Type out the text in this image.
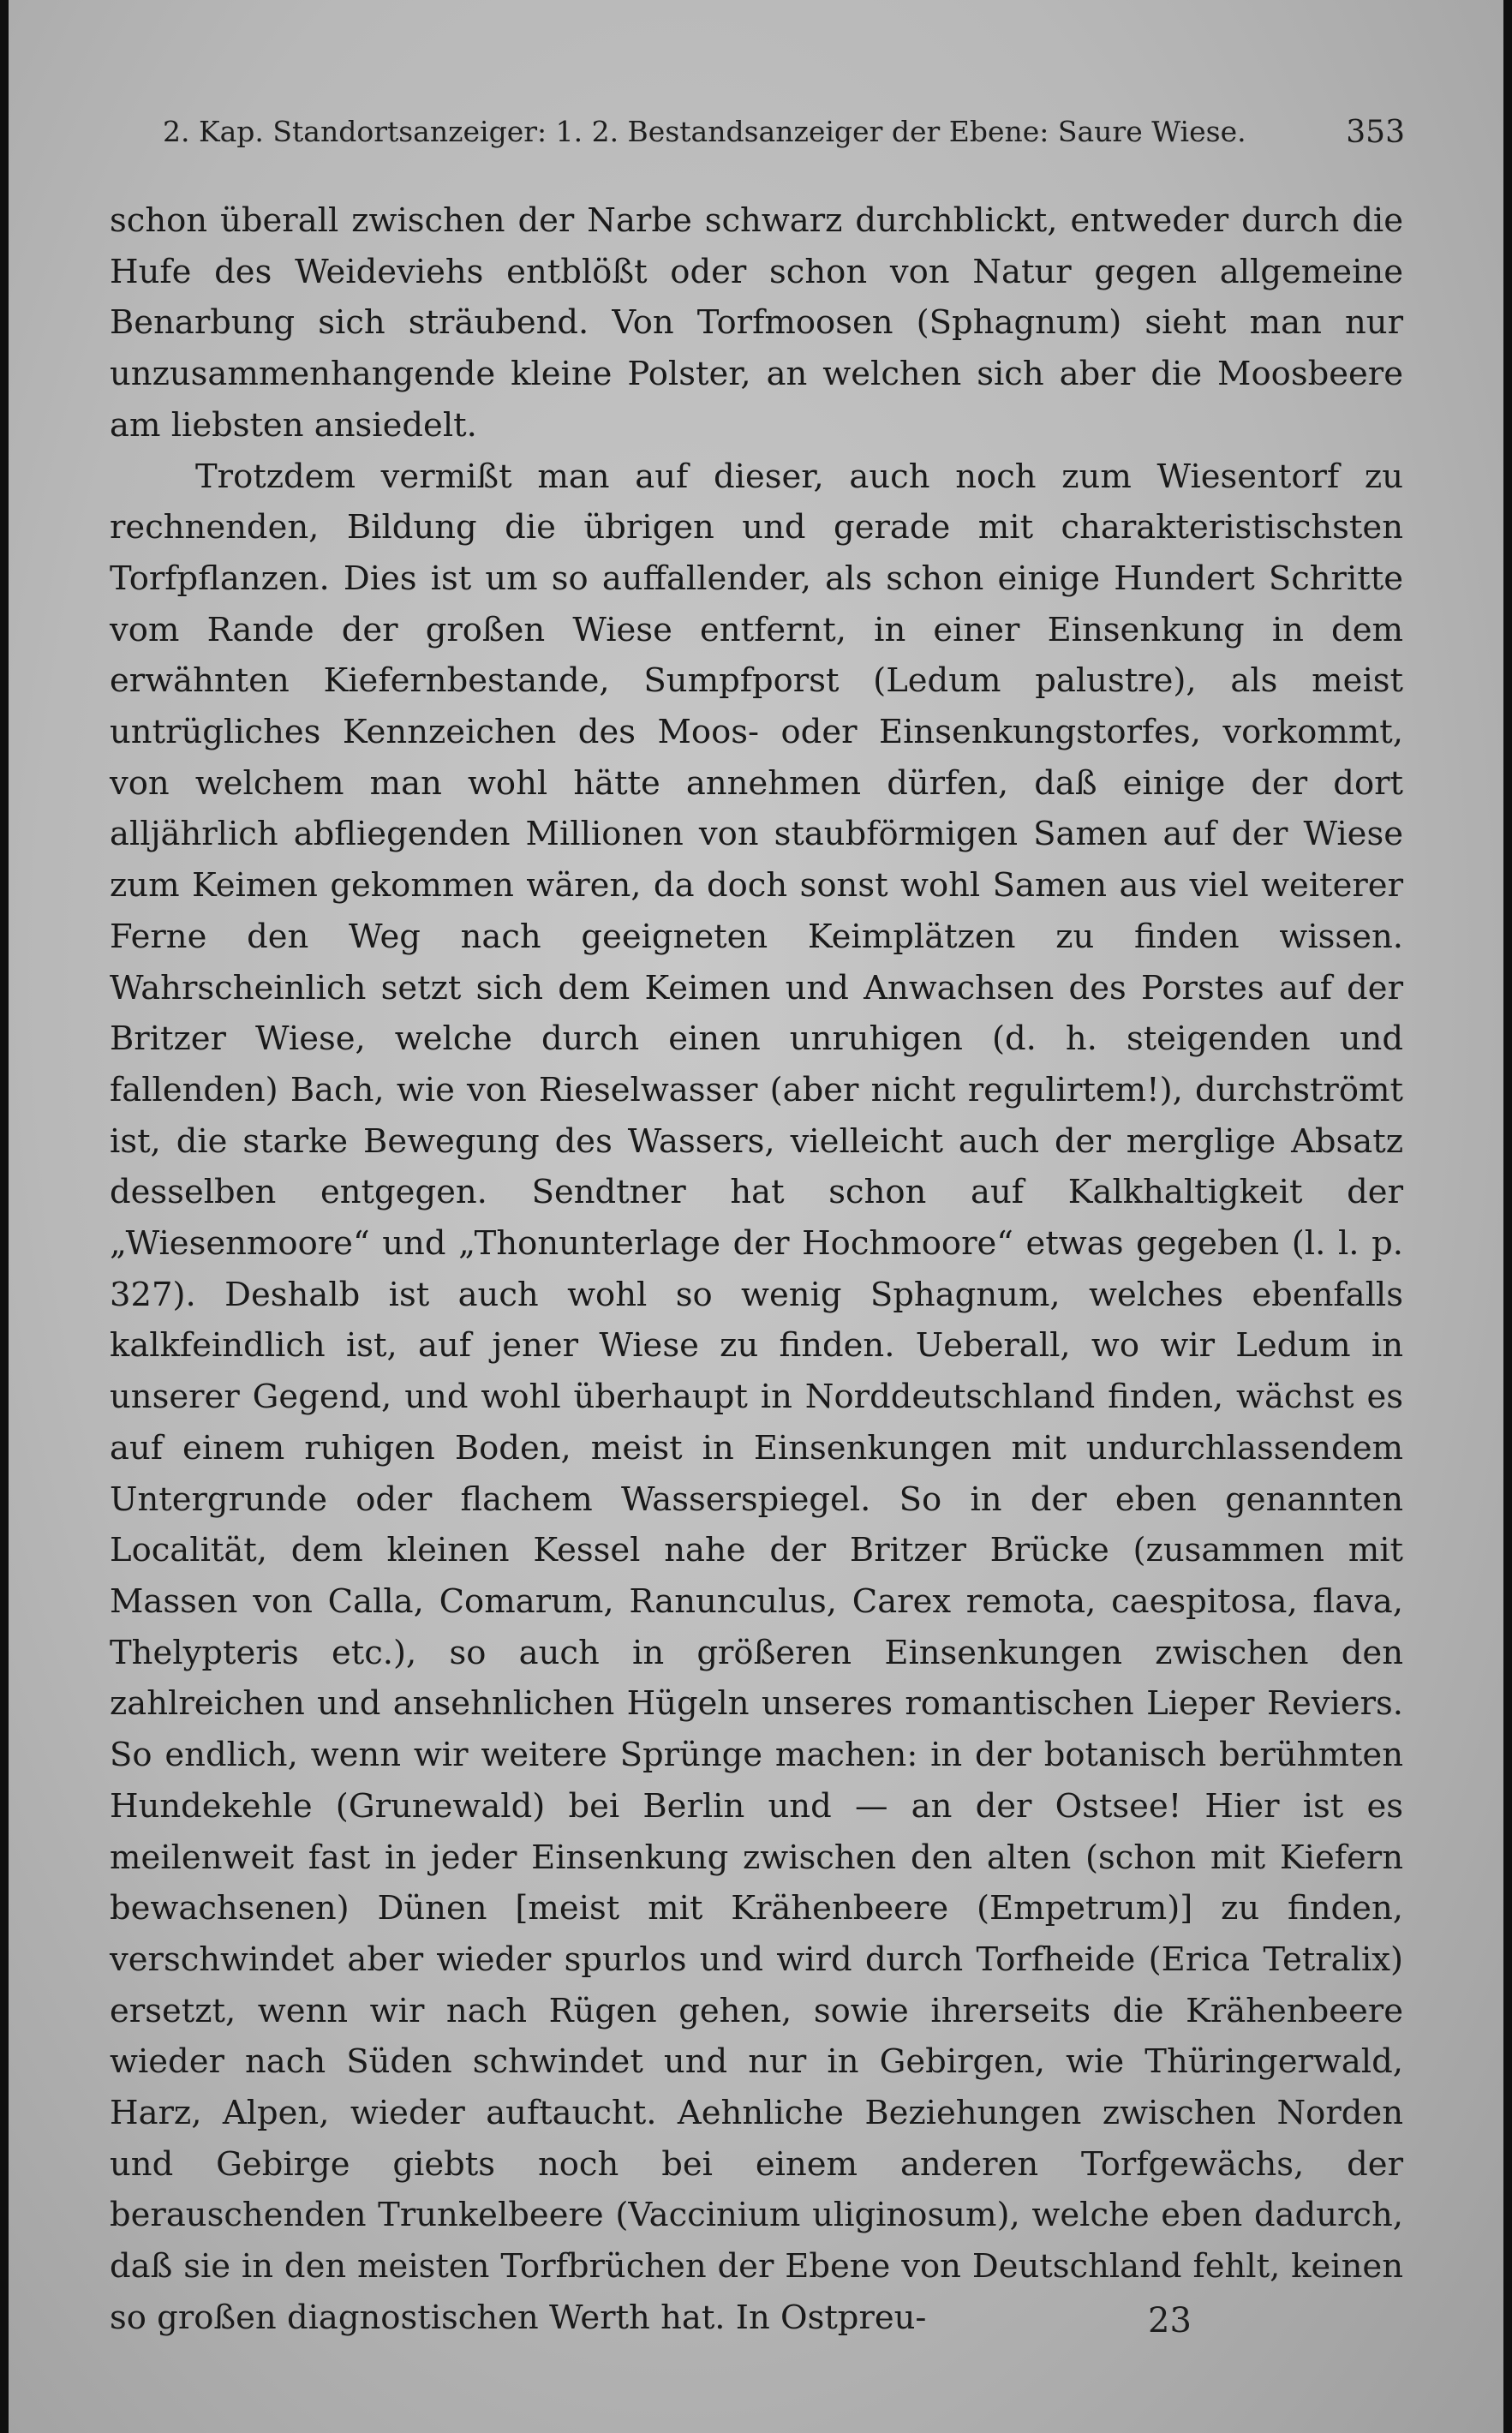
2. Kap. Standortsanzeiger: 1. 2. Bestandsanzeiger der Ebene: Saure Wiese.	353

schon überall zwischen der Narbe schwarz durchblickt, entweder durch die Hufe des Weideviehs entblößt oder schon von Natur gegen allgemeine Benarbung sich sträubend. Von Torfmoosen (Sphagnum) sieht man nur unzusammenhangende kleine Polster, an welchen sich aber die Moosbeere am liebsten ansiedelt.

Trotzdem vermißt man auf dieser, auch noch zum Wiesentorf zu rechnenden, Bildung die übrigen und gerade mit charakteristischsten Torfpflanzen. Dies ist um so auffallender, als schon einige Hundert Schritte vom Rande der großen Wiese entfernt, in einer Einsenkung in dem erwähnten Kiefernbestande, Sumpfporst (Ledum palustre), als meist untrügliches Kennzeichen des Moos- oder Einsenkungstorfes, vorkommt, von welchem man wohl hätte annehmen dürfen, daß einige der dort alljährlich abfliegenden Millionen von staubförmigen Samen auf der Wiese zum Keimen gekommen wären, da doch sonst wohl Samen aus viel weiterer Ferne den Weg nach geeigneten Keimplätzen zu finden wissen. Wahrscheinlich setzt sich dem Keimen und Anwachsen des Porstes auf der Britzer Wiese, welche durch einen unruhigen (d. h. steigenden und fallenden) Bach, wie von Rieselwasser (aber nicht regulirtem!), durchströmt ist, die starke Bewegung des Wassers, vielleicht auch der merglige Absatz desselben entgegen. Sendtner hat schon auf Kalkhaltigkeit der „Wiesenmoore“ und „Thonunterlage der Hochmoore“ etwas gegeben (l. l. p. 327). Deshalb ist auch wohl so wenig Sphagnum, welches ebenfalls kalkfeindlich ist, auf jener Wiese zu finden. Ueberall, wo wir Ledum in unserer Gegend, und wohl überhaupt in Norddeutschland finden, wächst es auf einem ruhigen Boden, meist in Einsenkungen mit undurchlassendem Untergrunde oder flachem Wasserspiegel. So in der eben genannten Localität, dem kleinen Kessel nahe der Britzer Brücke (zusammen mit Massen von Calla, Comarum, Ranunculus, Carex remota, caespitosa, flava, Thelypteris etc.), so auch in größeren Einsenkungen zwischen den zahlreichen und ansehnlichen Hügeln unseres romantischen Lieper Reviers. So endlich, wenn wir weitere Sprünge machen: in der botanisch berühmten Hundekehle (Grunewald) bei Berlin und — an der Ostsee! Hier ist es meilenweit fast in jeder Einsenkung zwischen den alten (schon mit Kiefern bewachsenen) Dünen [meist mit Krähenbeere (Empetrum)] zu finden, verschwindet aber wieder spurlos und wird durch Torfheide (Erica Tetralix) ersetzt, wenn wir nach Rügen gehen, sowie ihrerseits die Krähenbeere wieder nach Süden schwindet und nur in Gebirgen, wie Thüringerwald, Harz, Alpen, wieder auftaucht. Aehnliche Beziehungen zwischen Norden und Gebirge giebts noch bei einem anderen Torfgewächs, der berauschenden Trunkelbeere (Vaccinium uliginosum), welche eben dadurch, daß sie in den meisten Torfbrüchen der Ebene von Deutschland fehlt, keinen so großen diagnostischen Werth hat. In Ostpreu-	23
